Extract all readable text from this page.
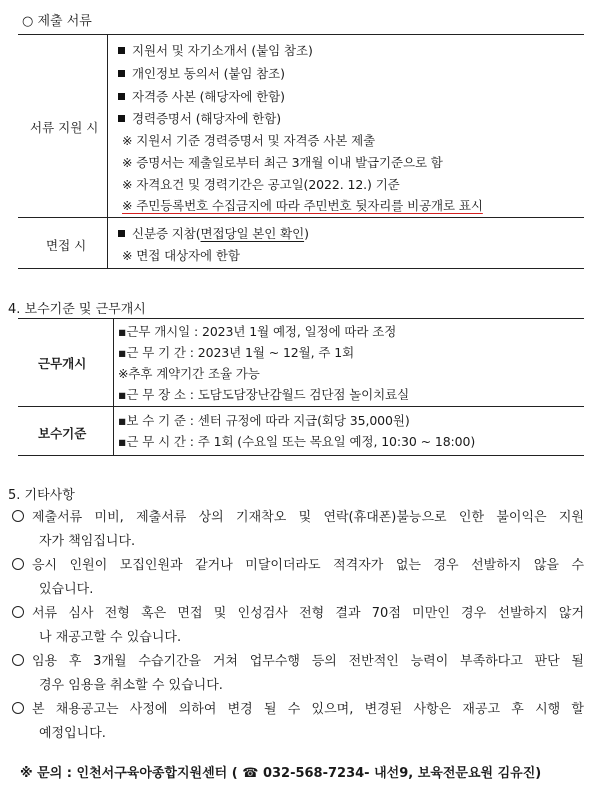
○ 제출 서류
서류 지원 시
지원서 및 자기소개서 (붙임 참조)
개인정보 동의서 (붙임 참조)
자격증 사본 (해당자에 한함)
경력증명서 (해당자에 한함)
※ 지원서 기준 경력증명서 및 자격증 사본 제출
※ 증명서는 제출일로부터 최근 3개월 이내 발급기준으로 함
※ 자격요건 및 경력기간은 공고일(2022. 12.) 기준
※ 주민등록번호 수집금지에 따라 주민번호 뒷자리를 비공개로 표시
면접 시
신분증 지참(면접당일 본인 확인)
※ 면접 대상자에 한함
4. 보수기준 및 근무개시
근무개시
▪근무 개시일 : 2023년 1월 예정, 일정에 따라 조정
▪근 무 기 간 : 2023년 1월 ~ 12월, 주 1회
※추후 계약기간 조율 가능
▪근 무 장 소 : 도담도담장난감월드 검단점 놀이치료실
보수기준
▪보 수 기 준 : 센터 규정에 따라 지급(회당 35,000원)
▪근 무 시 간 : 주 1회 (수요일 또는 목요일 예정, 10:30 ~ 18:00)
5. 기타사항
제출서류 미비, 제출서류 상의 기재착오 및 연락(휴대폰)불능으로 인한 불이익은 지원
자가 책임집니다.
응시 인원이 모집인원과 같거나 미달이더라도 적격자가 없는 경우 선발하지 않을 수
있습니다.
서류 심사 전형 혹은 면접 및 인성검사 전형 결과 70점 미만인 경우 선발하지 않거
나 재공고할 수 있습니다.
임용 후 3개월 수습기간을 거쳐 업무수행 등의 전반적인 능력이 부족하다고 판단 될
경우 임용을 취소할 수 있습니다.
본 채용공고는 사정에 의하여 변경 될 수 있으며, 변경된 사항은 재공고 후 시행 할
예정입니다.
※ 문의 : 인천서구육아종합지원센터 ( ☎ 032-568-7234- 내선9, 보육전문요원 김유진)
